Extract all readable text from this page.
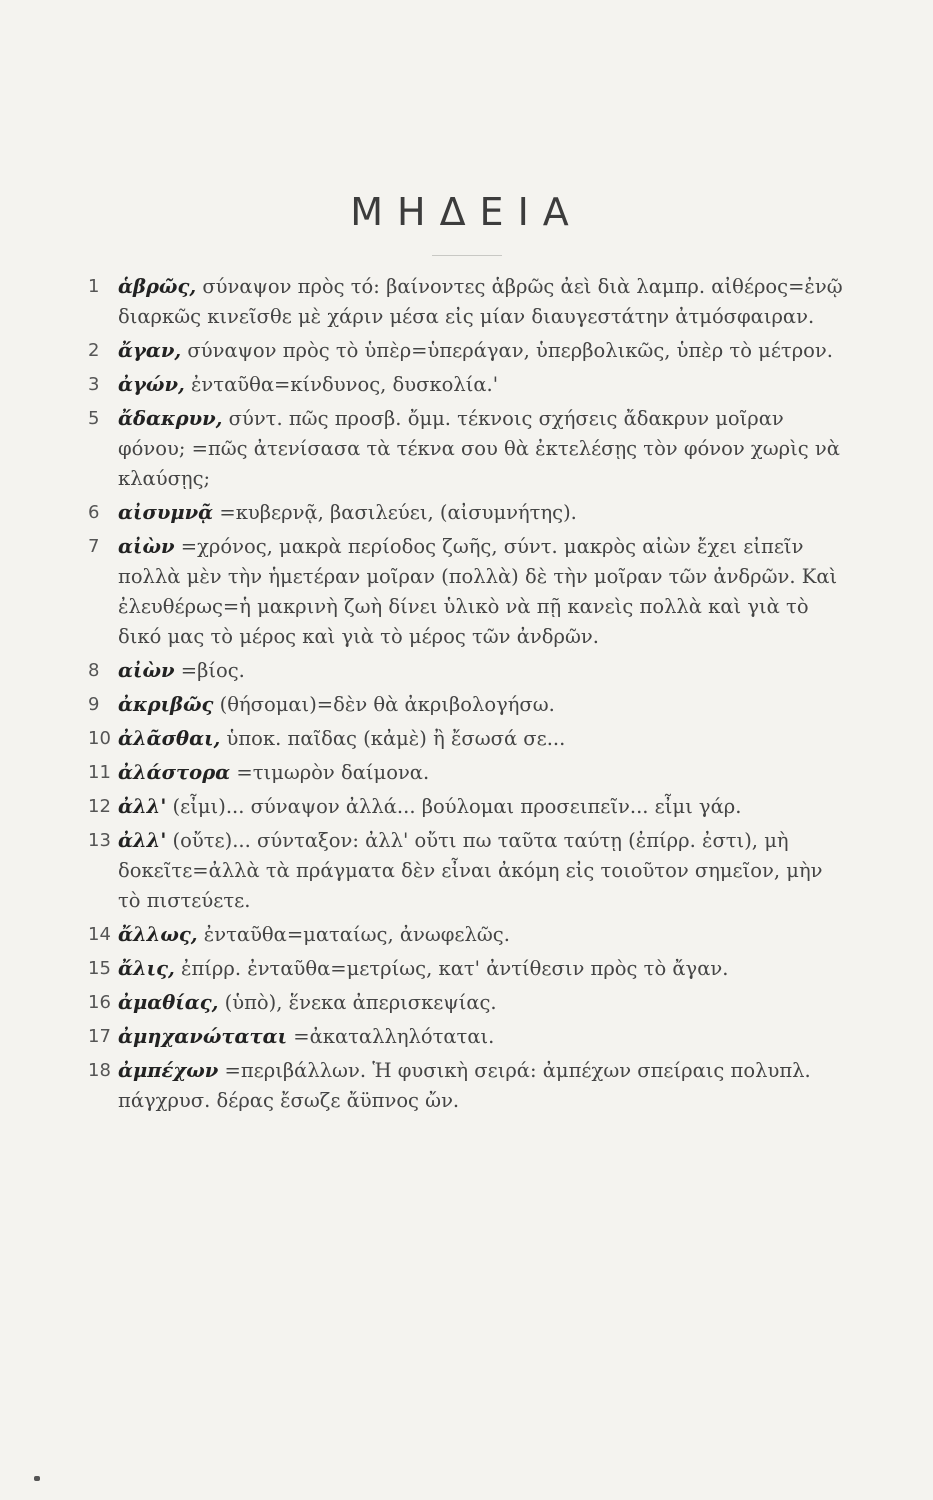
ΜΗΔΕΙΑ
1 ἁβρῶς, σύναψον πρὸς τό: βαίνοντες ἁβρῶς ἀεὶ διὰ λαμπρ. αἰθέρος=ἐνῷ διαρκῶς κινεῖσθε μὲ χάριν μέσα εἰς μίαν διαυγεστάτην ἀτμόσφαιραν.
2 ἄγαν, σύναψον πρὸς τὸ ὑπὲρ=ὑπεράγαν, ὑπερβολικῶς, ὑπὲρ τὸ μέτρον.
3 ἀγών, ἐνταῦθα=κίνδυνος, δυσκολία.'
5 ἄδακρυν, σύντ. πῶς προσβ. ὄμμ. τέκνοις σχήσεις ἄδακρυν μοῖραν φόνου; =πῶς ἀτενίσασα τὰ τέκνα σου θὰ ἐκτελέσῃς τὸν φόνον χωρὶς νὰ κλαύσῃς;
6 αἰσυμνᾷ =κυβερνᾷ, βασιλεύει, (αἰσυμνήτης).
7 αἰὼν =χρόνος, μακρὰ περίοδος ζωῆς, σύντ. μακρὸς αἰὼν ἔχει εἰπεῖν πολλὰ μὲν τὴν ἡμετέραν μοῖραν (πολλὰ) δὲ τὴν μοῖραν τῶν ἀνδρῶν. Καὶ ἐλευθέρως=ἡ μακρινὴ ζωὴ δίνει ὑλικὸ νὰ πῇ κανεὶς πολλὰ καὶ γιὰ τὸ δικό μας τὸ μέρος καὶ γιὰ τὸ μέρος τῶν ἀνδρῶν.
8 αἰὼν =βίος.
9 ἀκριβῶς (θήσομαι)=δὲν θὰ ἀκριβολογήσω.
10 ἀλᾶσθαι, ὑποκ. παῖδας (κἀμὲ) ἢ ἔσωσά σε...
11 ἀλάστορα =τιμωρὸν δαίμονα.
12 ἀλλ' (εἶμι)... σύναψον ἀλλά... βούλομαι προσειπεῖν... εἶμι γάρ.
13 ἀλλ' (οὔτε)... σύνταξον: ἀλλ' οὔτι πω ταῦτα ταύτῃ (ἐπίρρ. ἐστι), μὴ δοκεῖτε=ἀλλὰ τὰ πράγματα δὲν εἶναι ἀκόμη εἰς τοιοῦτον σημεῖον, μὴν τὸ πιστεύετε.
14 ἄλλως, ἐνταῦθα=ματαίως, ἀνωφελῶς.
15 ἄλις, ἐπίρρ. ἐνταῦθα=μετρίως, κατ' ἀντίθεσιν πρὸς τὸ ἄγαν.
16 ἀμαθίας, (ὑπὸ), ἕνεκα ἀπερισκεψίας.
17 ἀμηχανώταται =ἀκαταλληλόταται.
18 ἀμπέχων =περιβάλλων. Ἡ φυσικὴ σειρά: ἀμπέχων σπείραις πολυπλ. πάγχρυσ. δέρας ἔσωζε ἄϋπνος ὤν.
